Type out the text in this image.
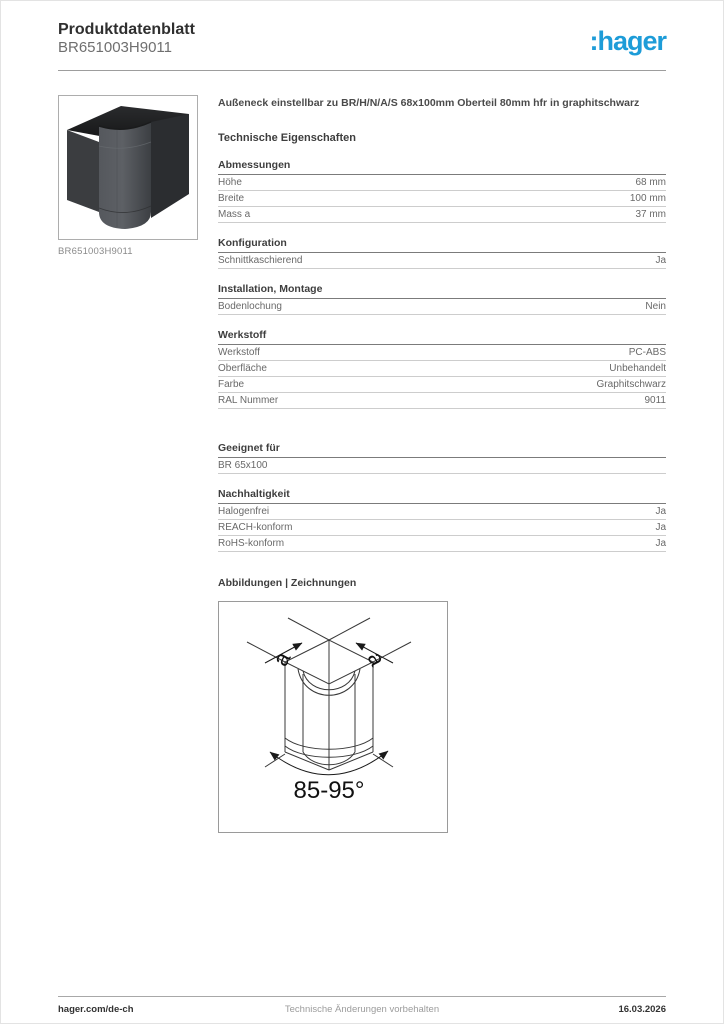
Produktdatenblatt
BR651003H9011	:hager
BR651003H9011
Außeneck einstellbar zu BR/H/N/A/S 68x100mm Oberteil 80mm hfr in graphitschwarz
Technische Eigenschaften
Abmessungen
Höhe	68 mm
Breite	100 mm
Mass a	37 mm
Konfiguration
Schnittkaschierend	Ja
Installation, Montage
Bodenlochung	Nein
Werkstoff
Werkstoff	PC-ABS
Oberfläche	Unbehandelt
Farbe	Graphitschwarz
RAL Nummer	9011
Geeignet für
BR 65x100
Nachhaltigkeit
Halogenfrei	Ja
REACH-konform	Ja
RoHS-konform	Ja
Abbildungen | Zeichnungen
a	a
85-95°
hager.com/de-ch	Technische Änderungen vorbehalten	16.03.2026
